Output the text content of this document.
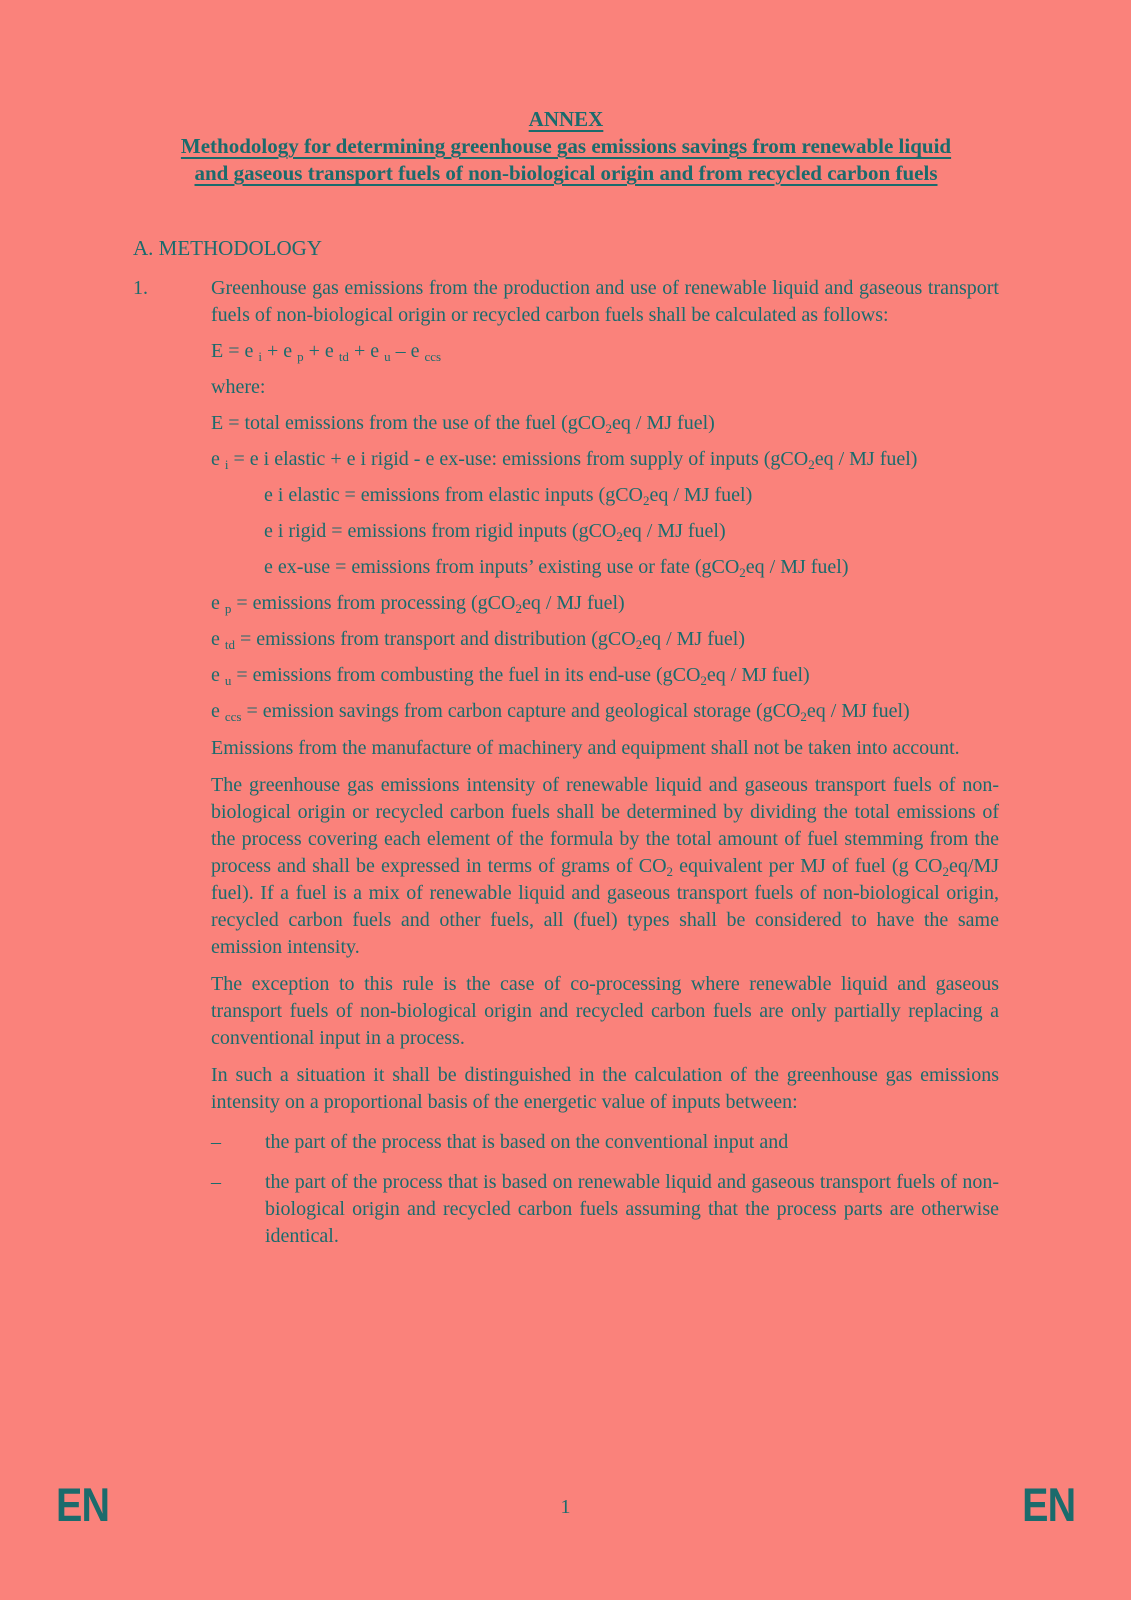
ANNEX
Methodology for determining greenhouse gas emissions savings from renewable liquid
and gaseous transport fuels of non-biological origin and from recycled carbon fuels
A. METHODOLOGY
1.	Greenhouse gas emissions from the production and use of renewable liquid and gaseous transport fuels of non-biological origin or recycled carbon fuels shall be calculated as follows:
E = e $_i$ + e $_p$ + e $_{td}$ + e $_u$ – e $_{ccs}$
where:
E = total emissions from the use of the fuel (gCO$_2$eq / MJ fuel)
e $_i$ = e i elastic + e i rigid - e ex-use: emissions from supply of inputs (gCO$_2$eq / MJ fuel)
e i elastic = emissions from elastic inputs (gCO$_2$eq / MJ fuel)
e i rigid = emissions from rigid inputs (gCO$_2$eq / MJ fuel)
e ex-use = emissions from inputs’ existing use or fate (gCO$_2$eq / MJ fuel)
e $_p$ = emissions from processing (gCO$_2$eq / MJ fuel)
e $_{td}$ = emissions from transport and distribution (gCO$_2$eq / MJ fuel)
e $_u$ = emissions from combusting the fuel in its end-use (gCO$_2$eq / MJ fuel)
e $_{ccs}$ = emission savings from carbon capture and geological storage (gCO$_2$eq / MJ fuel)
Emissions from the manufacture of machinery and equipment shall not be taken into account.
The greenhouse gas emissions intensity of renewable liquid and gaseous transport fuels of non-biological origin or recycled carbon fuels shall be determined by dividing the total emissions of the process covering each element of the formula by the total amount of fuel stemming from the process and shall be expressed in terms of grams of $CO_2$ equivalent per MJ of fuel (g $CO_2eq/MJ$ fuel). If a fuel is a mix of renewable liquid and gaseous transport fuels of non-biological origin, recycled carbon fuels and other fuels, all (fuel) types shall be considered to have the same emission intensity.
The exception to this rule is the case of co-processing where renewable liquid and gaseous transport fuels of non-biological origin and recycled carbon fuels are only partially replacing a conventional input in a process.
In such a situation it shall be distinguished in the calculation of the greenhouse gas emissions intensity on a proportional basis of the energetic value of inputs between:
–	the part of the process that is based on the conventional input and
–	the part of the process that is based on renewable liquid and gaseous transport fuels of non-biological origin and recycled carbon fuels assuming that the process parts are otherwise identical.
EN	1	EN
